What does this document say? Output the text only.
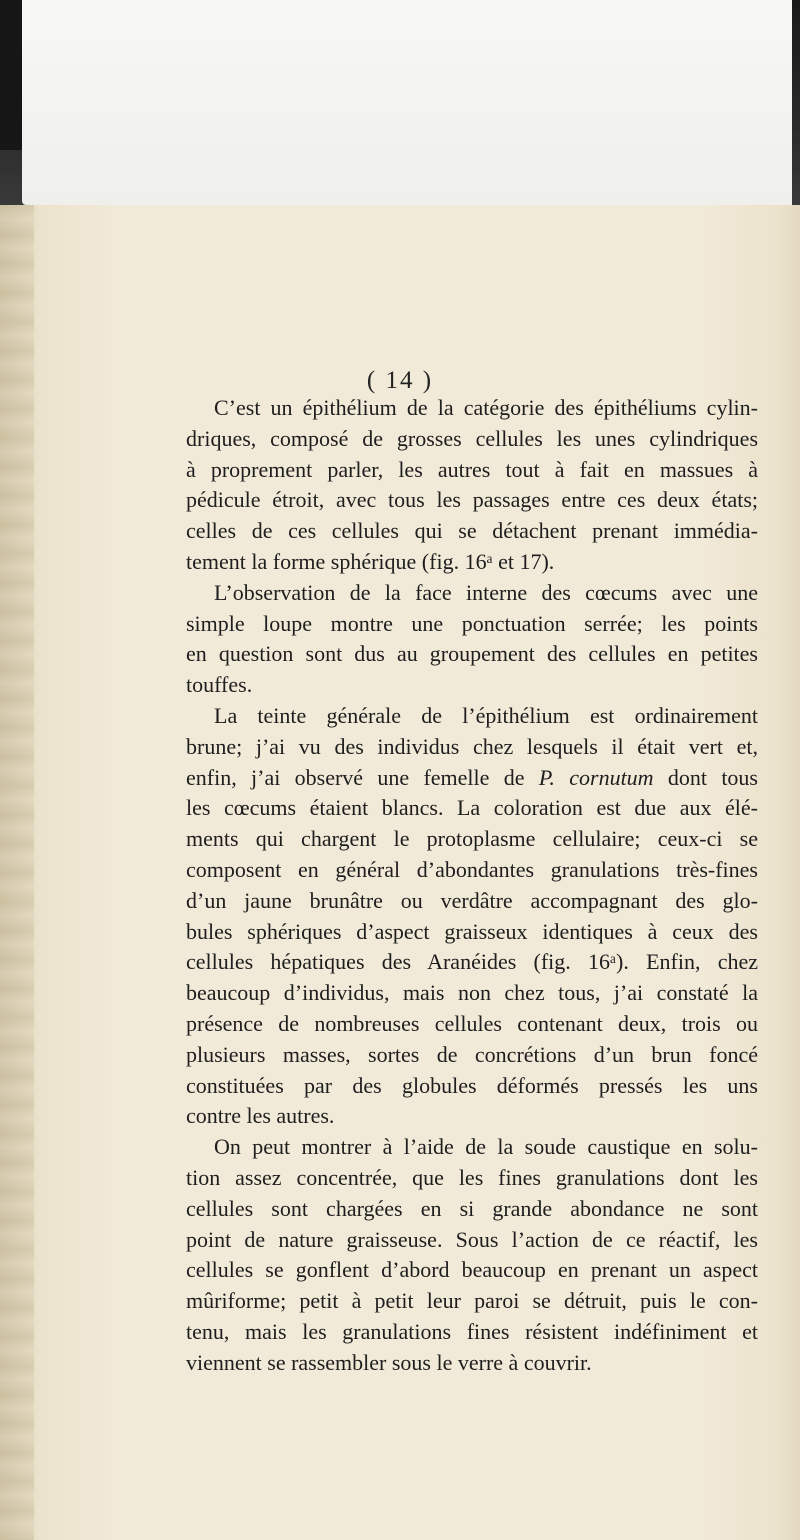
( 14 )

C’est un épithélium de la catégorie des épithéliums cylin-
driques, composé de grosses cellules les unes cylindriques
à proprement parler, les autres tout à fait en massues à
pédicule étroit, avec tous les passages entre ces deux états;
celles de ces cellules qui se détachent prenant immédia-
tement la forme sphérique (fig. 16ᵃ et 17).

L’observation de la face interne des cœcums avec une
simple loupe montre une ponctuation serrée; les points
en question sont dus au groupement des cellules en petites
touffes.

La teinte générale de l’épithélium est ordinairement
brune; j’ai vu des individus chez lesquels il était vert et,
enfin, j’ai observé une femelle de P. cornutum dont tous
les cœcums étaient blancs. La coloration est due aux élé-
ments qui chargent le protoplasme cellulaire; ceux-ci se
composent en général d’abondantes granulations très-fines
d’un jaune brunâtre ou verdâtre accompagnant des glo-
bules sphériques d’aspect graisseux identiques à ceux des
cellules hépatiques des Aranéides (fig. 16ᵃ). Enfin, chez
beaucoup d’individus, mais non chez tous, j’ai constaté la
présence de nombreuses cellules contenant deux, trois ou
plusieurs masses, sortes de concrétions d’un brun foncé
constituées par des globules déformés pressés les uns
contre les autres.

On peut montrer à l’aide de la soude caustique en solu-
tion assez concentrée, que les fines granulations dont les
cellules sont chargées en si grande abondance ne sont
point de nature graisseuse. Sous l’action de ce réactif, les
cellules se gonflent d’abord beaucoup en prenant un aspect
mûriforme; petit à petit leur paroi se détruit, puis le con-
tenu, mais les granulations fines résistent indéfiniment et
viennent se rassembler sous le verre à couvrir.
